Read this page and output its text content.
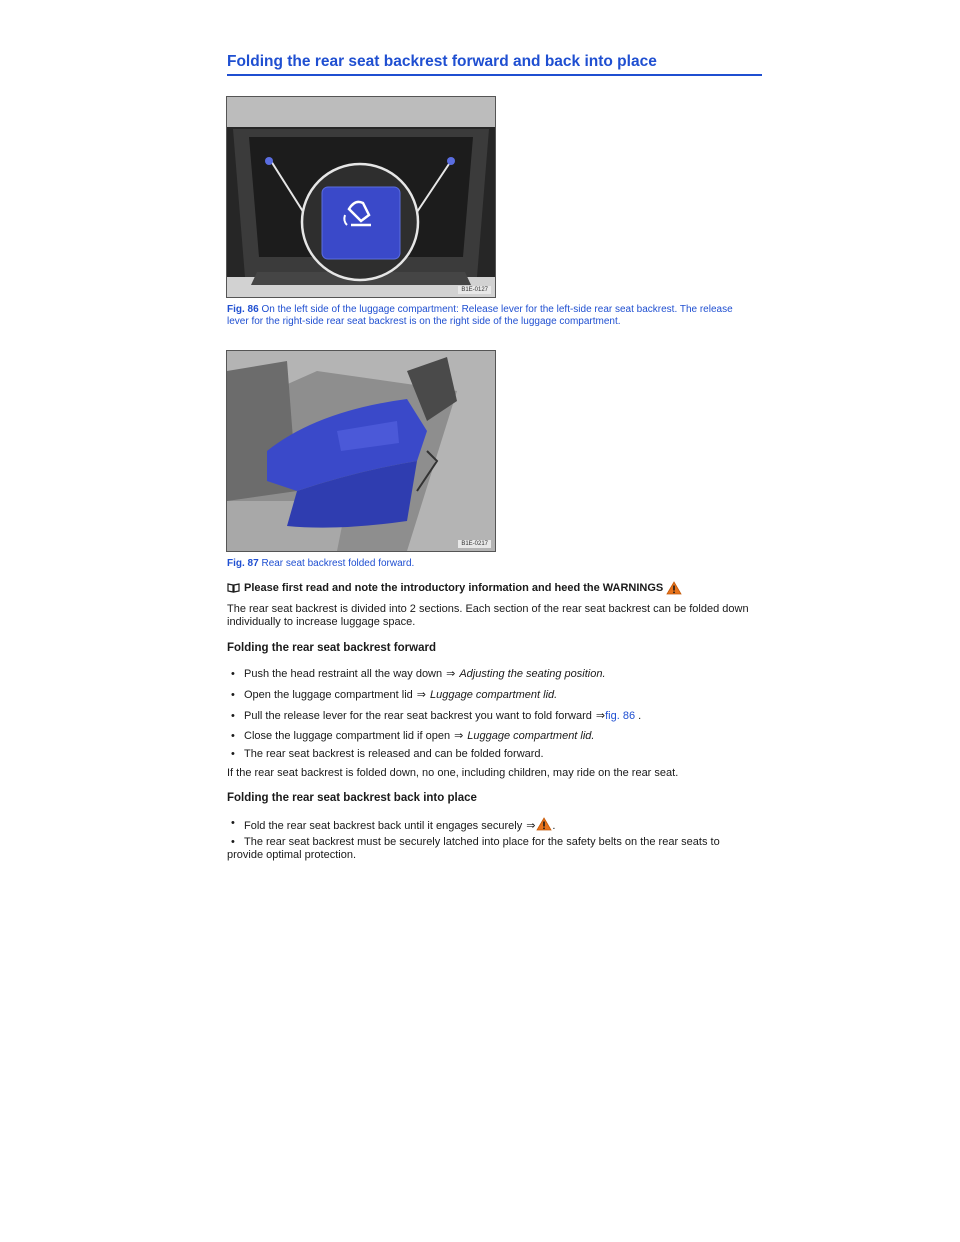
Folding the rear seat backrest forward and back into place
B1E-0127

Fig. 86 On the left side of the luggage compartment: Release lever for the left-side rear seat backrest. The release lever for the right-side rear seat backrest is on the right side of the luggage compartment.

B1E-0217

Fig. 87 Rear seat backrest folded forward.

Please first read and note the introductory information and heed the WARNINGS

The rear seat backrest is divided into 2 sections. Each section of the rear seat backrest can be folded down individually to increase luggage space.

Folding the rear seat backrest forward
• Push the head restraint all the way down ⇒ Adjusting the seating position.
• Open the luggage compartment lid ⇒ Luggage compartment lid.
• Pull the release lever for the rear seat backrest you want to fold forward ⇒fig. 86 .
• Close the luggage compartment lid if open ⇒ Luggage compartment lid.
• The rear seat backrest is released and can be folded forward.

If the rear seat backrest is folded down, no one, including children, may ride on the rear seat.

Folding the rear seat backrest back into place
• Fold the rear seat backrest back until it engages securely ⇒ .
• The rear seat backrest must be securely latched into place for the safety belts on the rear seats to provide optimal protection.
